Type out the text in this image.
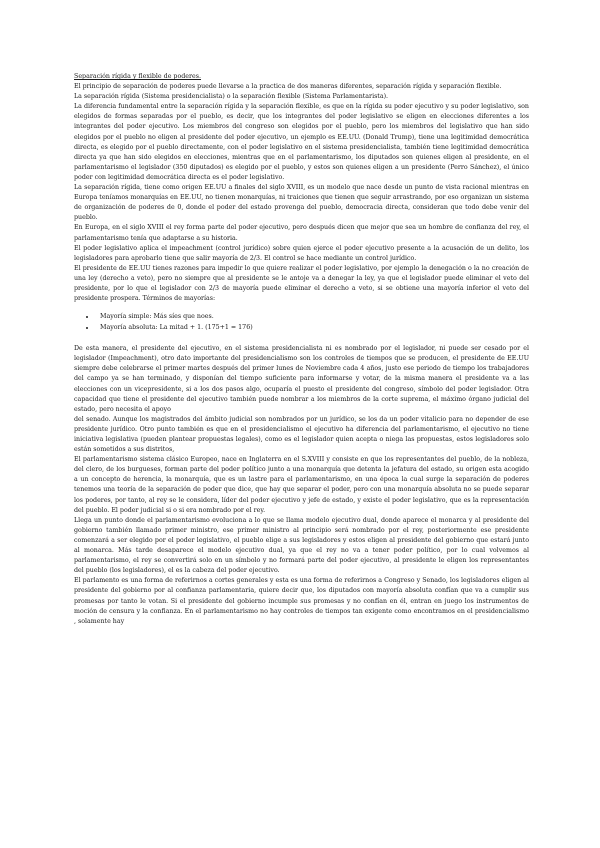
Separación rígida y flexible de poderes.

El principio de separación de poderes puede llevarse a la practica de dos maneras diferentes, separación rígida y separación flexible.

La separación rígida (Sistema presidencialista) o la separación flexible (Sistema Parlamentarista).

La diferencia fundamental entre la separación rígida y la separación flexible, es que en la rígida su poder ejecutivo y su poder legislativo, son elegidos de formas separadas por el pueblo, es decir, que los integrantes del poder legislativo se eligen en elecciones diferentes a los integrantes del poder ejecutivo. Los miembros del congreso son elegidos por el pueblo, pero los miembros del legislativo que han sido elegidos por el pueblo no eligen al presidente del poder ejecutivo, un ejemplo es EE.UU. (Donald Trump), tiene una legitimidad democrática directa, es elegido por el pueblo directamente, con el poder legislativo en el sistema presidencialista, también tiene legitimidad democrática directa ya que han sido elegidos en elecciones, mientras que en el parlamentarismo, los diputados son quienes eligen al presidente, en el parlamentarismo el legislador (350 diputados) es elegido por el pueblo, y estos son quienes eligen a un presidente (Perro Sánchez), el único poder con legitimidad democrática directa es el poder legislativo.

La separación rígida, tiene como origen EE.UU a finales del siglo XVIII, es un modelo que nace desde un punto de vista racional mientras en Europa teníamos monarquías en EE.UU, no tienen monarquías, ni traiciones que tienen que seguir arrastrando, por eso organizan un sistema de organización de poderes de 0, donde el poder del estado provenga del pueblo, democracia directa, consideran que todo debe venir del pueblo.

En Europa, en el siglo XVIII el rey forma parte del poder ejecutivo, pero después dicen que mejor que sea un hombre de confianza del rey, el parlamentarismo tenía que adaptarse a su historia.

El poder legislativo aplica el impeachment (control jurídico) sobre quien ejerce el poder ejecutivo presente a la acusación de un delito, los legisladores para aprobarlo tiene que salir mayoría de 2/3. El control se hace mediante un control jurídico.

El presidente de EE.UU tienes razones para impedir lo que quiere realizar el poder legislativo, por ejemplo la denegación o la no creación de una ley (derecho a veto), pero no siempre que al presidente se le antoje va a denegar la ley, ya que el legislador puede eliminar el veto del presidente, por lo que el legislador con 2/3 de mayoría puede eliminar el derecho a veto, si se obtiene una mayoría inferior el veto del presidente prospera. Términos de mayorías:

• Mayoría simple: Más síes que noes.
• Mayoría absoluta: La mitad + 1. (175+1 = 176)

De esta manera, el presidente del ejecutivo, en el sistema presidencialista ni es nombrado por el legislador, ni puede ser cesado por el legislador (Impeachment), otro dato importante del presidencialismo son los controles de tiempos que se producen, el presidente de EE.UU siempre debe celebrarse el primer martes después del primer lunes de Noviembre cada 4 años, justo ese periodo de tiempo los trabajadores del campo ya se han terminado, y disponían del tiempo suficiente para informarse y votar, de la misma manera el presidente va a las elecciones con un vicepresidente, si a los dos pasos algo, ocuparía el puesto el presidente del congreso, símbolo del poder legislador. Otra capacidad que tiene el presidente del ejecutivo también puede nombrar a los miembros de la corte suprema, el máximo órgano judicial del estado, pero necesita el apoyo

del senado. Aunque los magistrados del ámbito judicial son nombrados por un jurídico, se los da un poder vitalicio para no depender de ese presidente jurídico. Otro punto también es que en el presidencialismo el ejecutivo ha diferencia del parlamentarismo, el ejecutivo no tiene iniciativa legislativa (pueden plantear propuestas legales), como es el legislador quien acepta o niega las propuestas, estos legisladores solo están sometidos a sus distritos,

El parlamentarismo sistema clásico Europeo, nace en Inglaterra en el S.XVIII y consiste en que los representantes del pueblo, de la nobleza, del clero, de los burgueses, forman parte del poder político junto a una monarquía que detenta la jefatura del estado, su origen esta acogido a un concepto de herencia, la monarquía, que es un lastre para el parlamentarismo, en una época la cual surge la separación de poderes tenemos una teoría de la separación de poder que dice, que hay que separar el poder, pero con una monarquía absoluta no se puede separar los poderes, por tanto, al rey se le considera, líder del poder ejecutivo y jefe de estado, y existe el poder legislativo, que es la representación del pueblo. El poder judicial si o si era nombrado por el rey.

Llega un punto donde el parlamentarismo evoluciona a lo que se llama modelo ejecutivo dual, donde aparece el monarca y al presidente del gobierno también llamado primer ministro, ese primer ministro al principio será nombrado por el rey, posteriormente ese presidente comenzará a ser elegido por el poder legislativo, el pueblo elige a sus legisladores y estos eligen al presidente del gobierno que estará junto al monarca. Más tarde desaparece el modelo ejecutivo dual, ya que el rey no va a tener poder político, por lo cual volvemos al parlamentarismo, el rey se convertirá solo en un símbolo y no formará parte del poder ejecutivo, al presidente le eligen los representantes del pueblo (los legisladores), el es la cabeza del poder ejecutivo.

El parlamento es una forma de referirnos a cortes generales y esta es una forma de referirnos a Congreso y Senado, los legisladores eligen al presidente del gobierno por al confianza parlamentaria, quiere decir que, los diputados con mayoría absoluta confían que va a cumplir sus promesas por tanto le votan. Si el presidente del gobierno incumple sus promesas y no confían en él, entran en juego los instrumentos de moción de censura y la confianza. En el parlamentarismo no hay controles de tiempos tan exigente como encontramos en el presidencialismo , solamente hay
